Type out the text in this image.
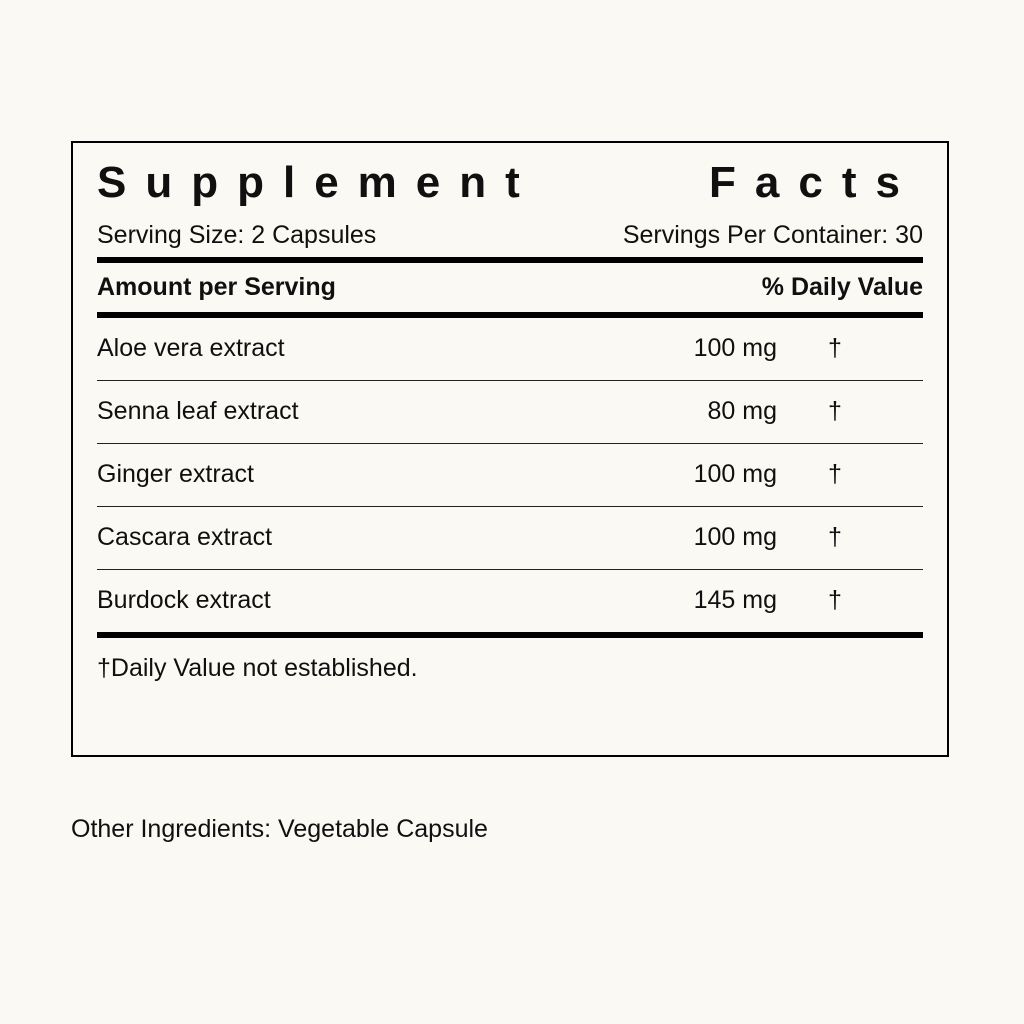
Supplement	Facts
Serving Size: 2 Capsules	Servings Per Container: 30
Amount per Serving	% Daily Value
Aloe vera extract	100 mg	†
Senna leaf extract	80 mg	†
Ginger extract	100 mg	†
Cascara extract	100 mg	†
Burdock extract	145 mg	†
†Daily Value not established.
Other Ingredients: Vegetable Capsule
